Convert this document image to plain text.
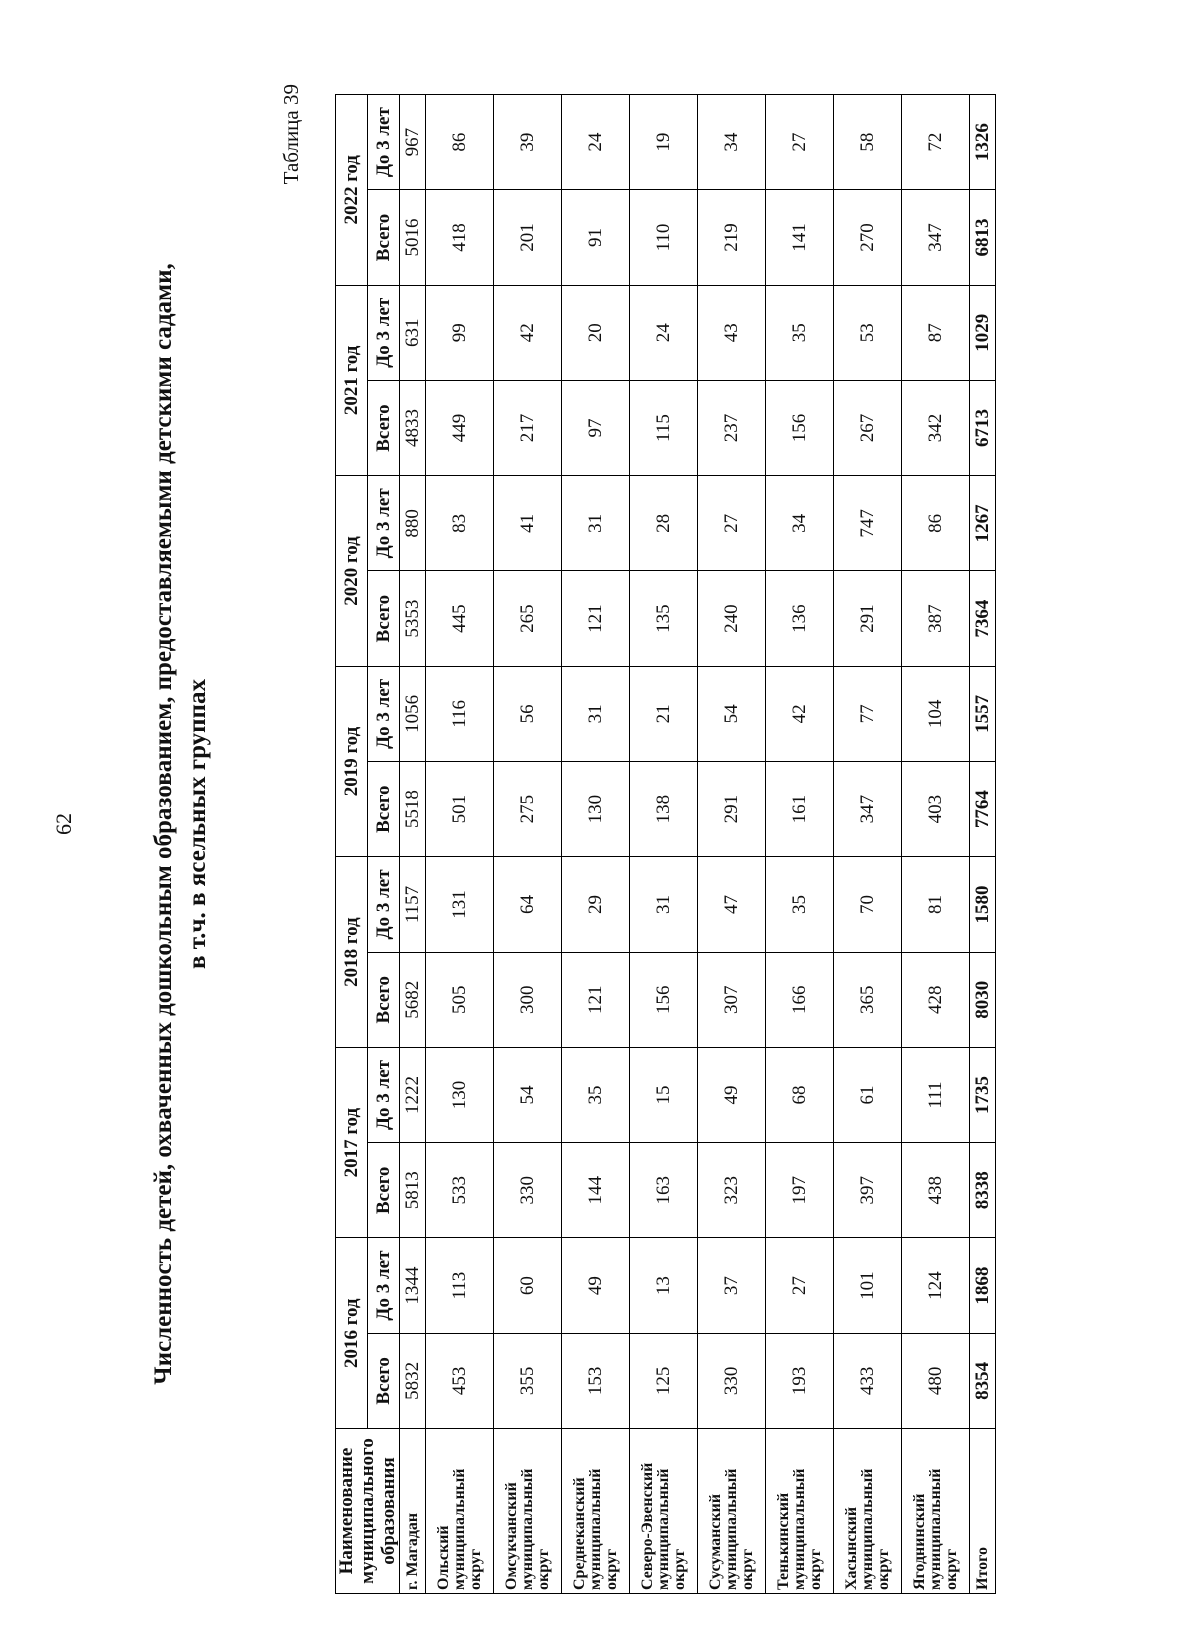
62	Численность детей, охваченных дошкольным образованием, предоставляемыми детскими садами, в т.ч. в ясельных группах
Таблица 39
Наименование муниципального образования	2016 год		2017 год		2018 год		2019 год		2020 год		2021 год		2022 год	
	Всего	До 3 лет	Всего	До 3 лет	Всего	До 3 лет	Всего	До 3 лет	Всего	До 3 лет	Всего	До 3 лет	Всего	До 3 лет
г. Магадан	5832	1344	5813	1222	5682	1157	5518	1056	5353	880	4833	631	5016	967
Ольский муниципальный округ	453	113	533	130	505	131	501	116	445	83	449	99	418	86
Омсукчанский муниципальный округ	355	60	330	54	300	64	275	56	265	41	217	42	201	39
Среднеканский муниципальный округ	153	49	144	35	121	29	130	31	121	31	97	20	91	24
Северо-Эвенский муниципальный округ	125	13	163	15	156	31	138	21	135	28	115	24	110	19
Сусуманский муниципальный округ	330	37	323	49	307	47	291	54	240	27	237	43	219	34
Тенькинский муниципальный округ	193	27	197	68	166	35	161	42	136	34	156	35	141	27
Хасынский муниципальный округ	433	101	397	61	365	70	347	77	291	747	267	53	270	58
Ягоднинский муниципальный округ	480	124	438	111	428	81	403	104	387	86	342	87	347	72
Итого	8354	1868	8338	1735	8030	1580	7764	1557	7364	1267	6713	1029	6813	1326
